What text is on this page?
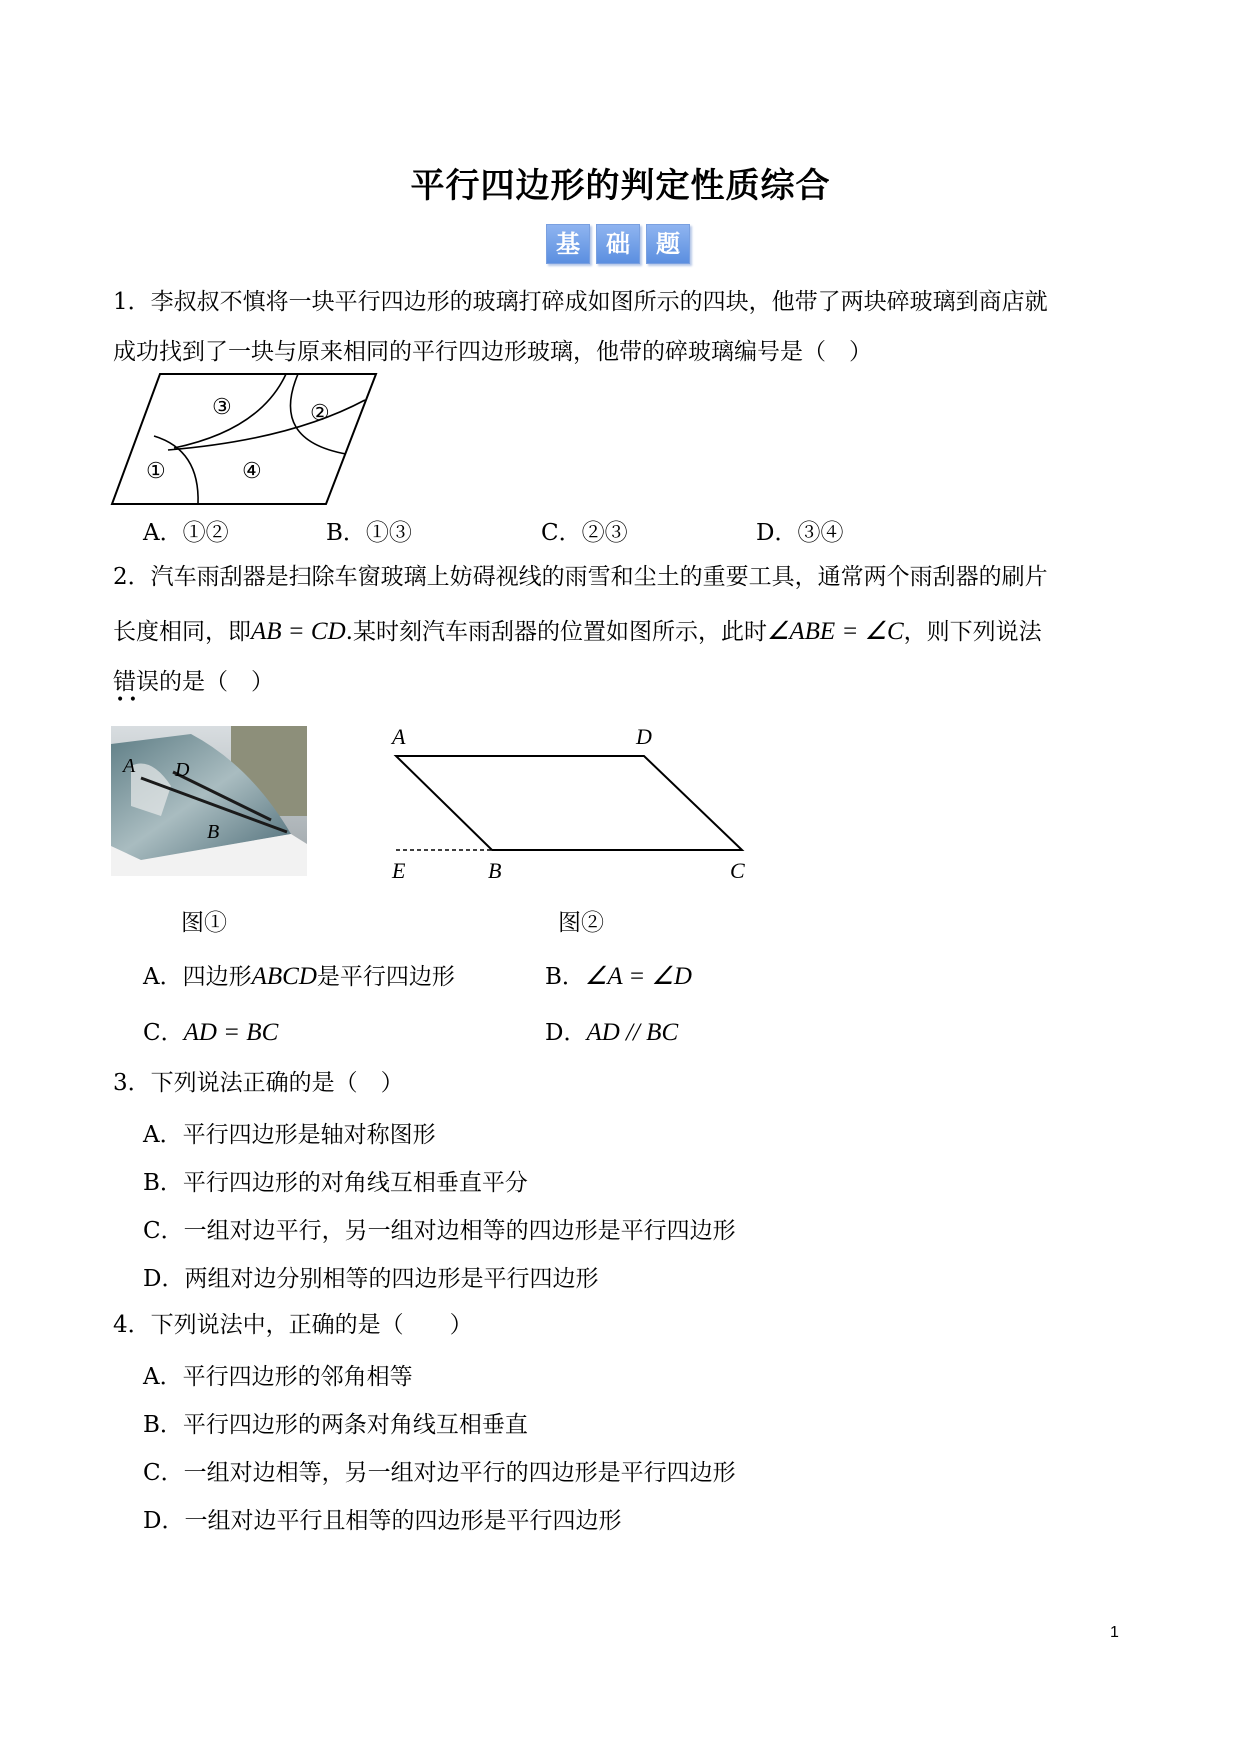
平行四边形的判定性质综合
基	础	题
1．李叔叔不慎将一块平行四边形的玻璃打碎成如图所示的四块，他带了两块碎玻璃到商店就
成功找到了一块与原来相同的平行四边形玻璃，他带的碎玻璃编号是（　）
③	②
①	④
A．①②	B．①③	C．②③	D．③④
2．汽车雨刮器是扫除车窗玻璃上妨碍视线的雨雪和尘土的重要工具，通常两个雨刮器的刷片
长度相同，即AB = CD.某时刻汽车雨刮器的位置如图所示，此时∠ABE = ∠C，则下列说法
错误的是（　）
• •
A D
B
A	D
E	B	C
图①	图②
A．四边形ABCD是平行四边形	B．∠A = ∠D
C．AD = BC	D．AD // BC
3．下列说法正确的是（　）
A．平行四边形是轴对称图形
B．平行四边形的对角线互相垂直平分
C．一组对边平行，另一组对边相等的四边形是平行四边形
D．两组对边分别相等的四边形是平行四边形
4．下列说法中，正确的是（　　）
A．平行四边形的邻角相等
B．平行四边形的两条对角线互相垂直
C．一组对边相等，另一组对边平行的四边形是平行四边形
D．一组对边平行且相等的四边形是平行四边形
1
